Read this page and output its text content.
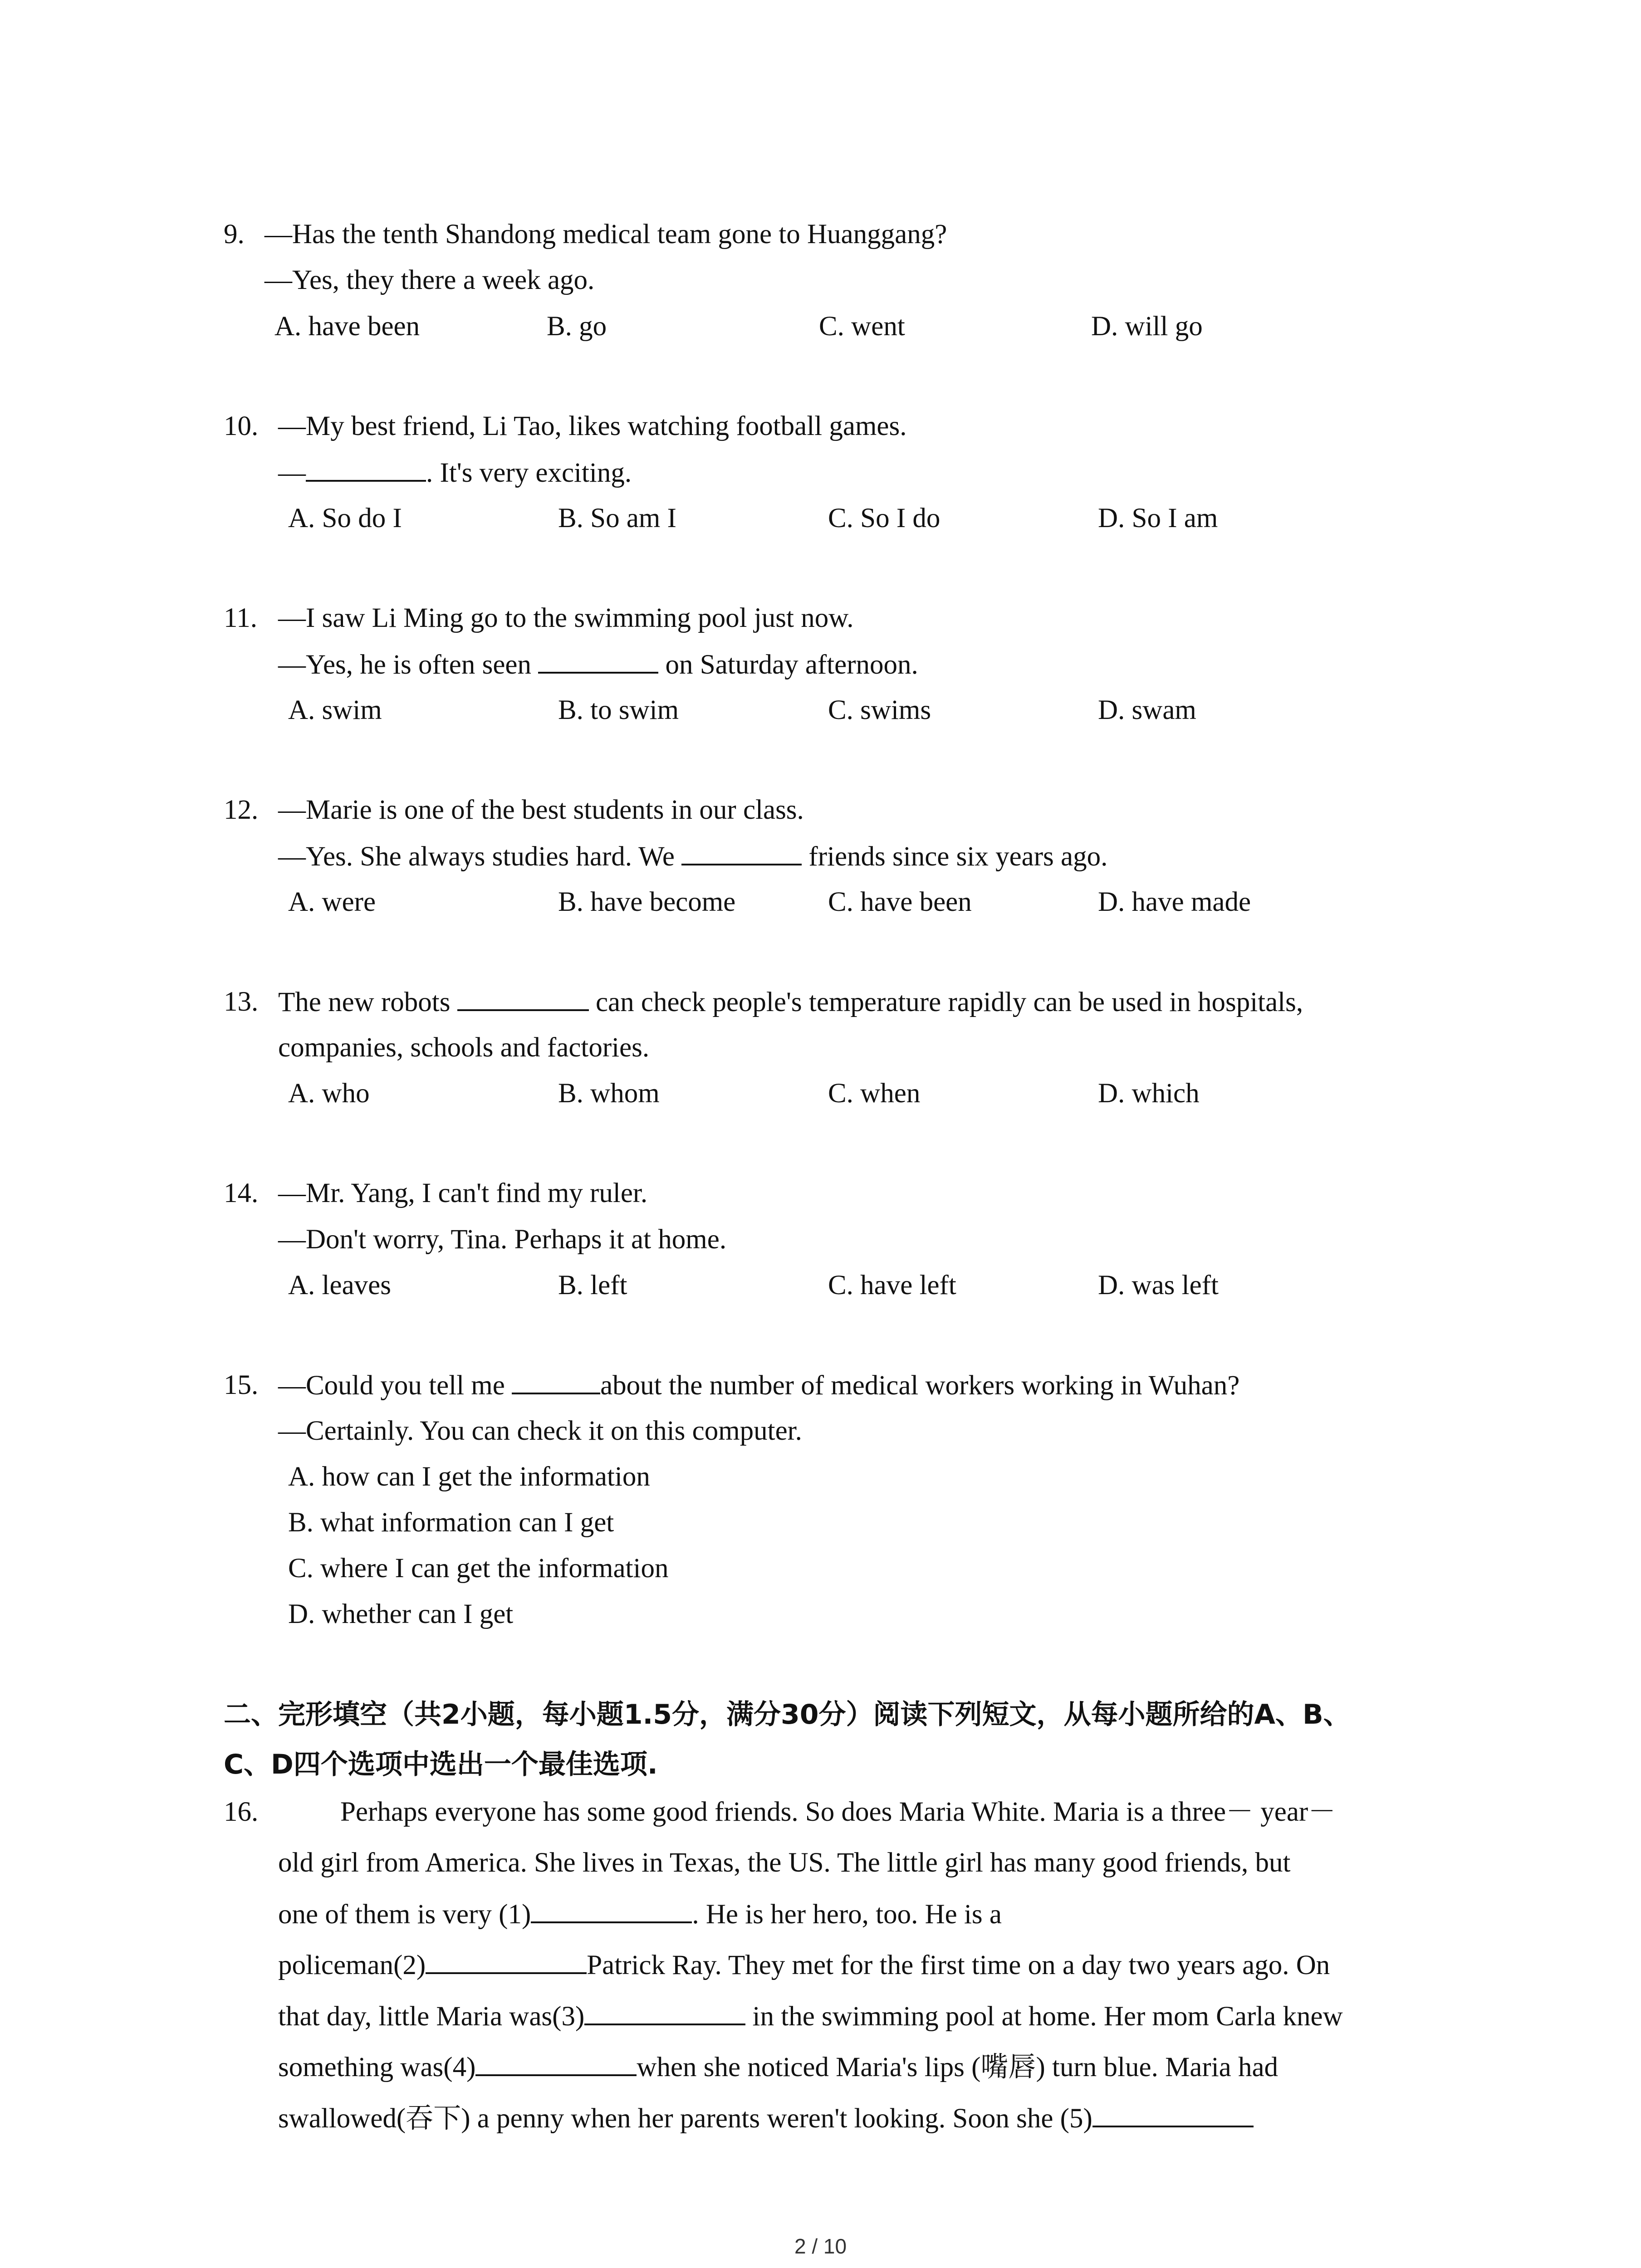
9. —Has the tenth Shandong medical team gone to Huanggang?
—Yes, they there a week ago.
A. have been	B. go	C. went	D. will go
10. —My best friend, Li Tao, likes watching football games.
—	. It's very exciting.
A. So do I	B. So am I	C. So I do	D. So I am
11. —I saw Li Ming go to the swimming pool just now.
—Yes, he is often seen	on Saturday afternoon.
A. swim	B. to swim	C. swims	D. swam
12. —Marie is one of the best students in our class.
—Yes. She always studies hard. We	friends since six years ago.
A. were	B. have become	C. have been	D. have made
13. The new robots	can check people's temperature rapidly can be used in hospitals,
companies, schools and factories.
A. who	B. whom	C. when	D. which
14. —Mr. Yang, I can't find my ruler.
—Don't worry, Tina. Perhaps it at home.
A. leaves	B. left	C. have left	D. was left
15. —Could you tell me	about the number of medical workers working in Wuhan?
—Certainly. You can check it on this computer.
A. how can I get the information
B. what information can I get
C. where I can get the information
D. whether can I get
二、完形填空（共2小题，每小题1.5分，满分30分）阅读下列短文，从每小题所给的A、B、
C、D四个选项中选出一个最佳选项.
16.	Perhaps everyone has some good friends. So does Maria White. Maria is a three－ year－
old girl from America. She lives in Texas, the US. The little girl has many good friends, but
one of them is very (1)	. He is her hero, too. He is a
policeman(2)	Patrick Ray. They met for the first time on a day two years ago. On
that day, little Maria was(3)	in the swimming pool at home. Her mom Carla knew
something was(4)	when she noticed Maria's lips (嘴唇) turn blue. Maria had
swallowed(吞下) a penny when her parents weren't looking. Soon she (5)
2 / 10
